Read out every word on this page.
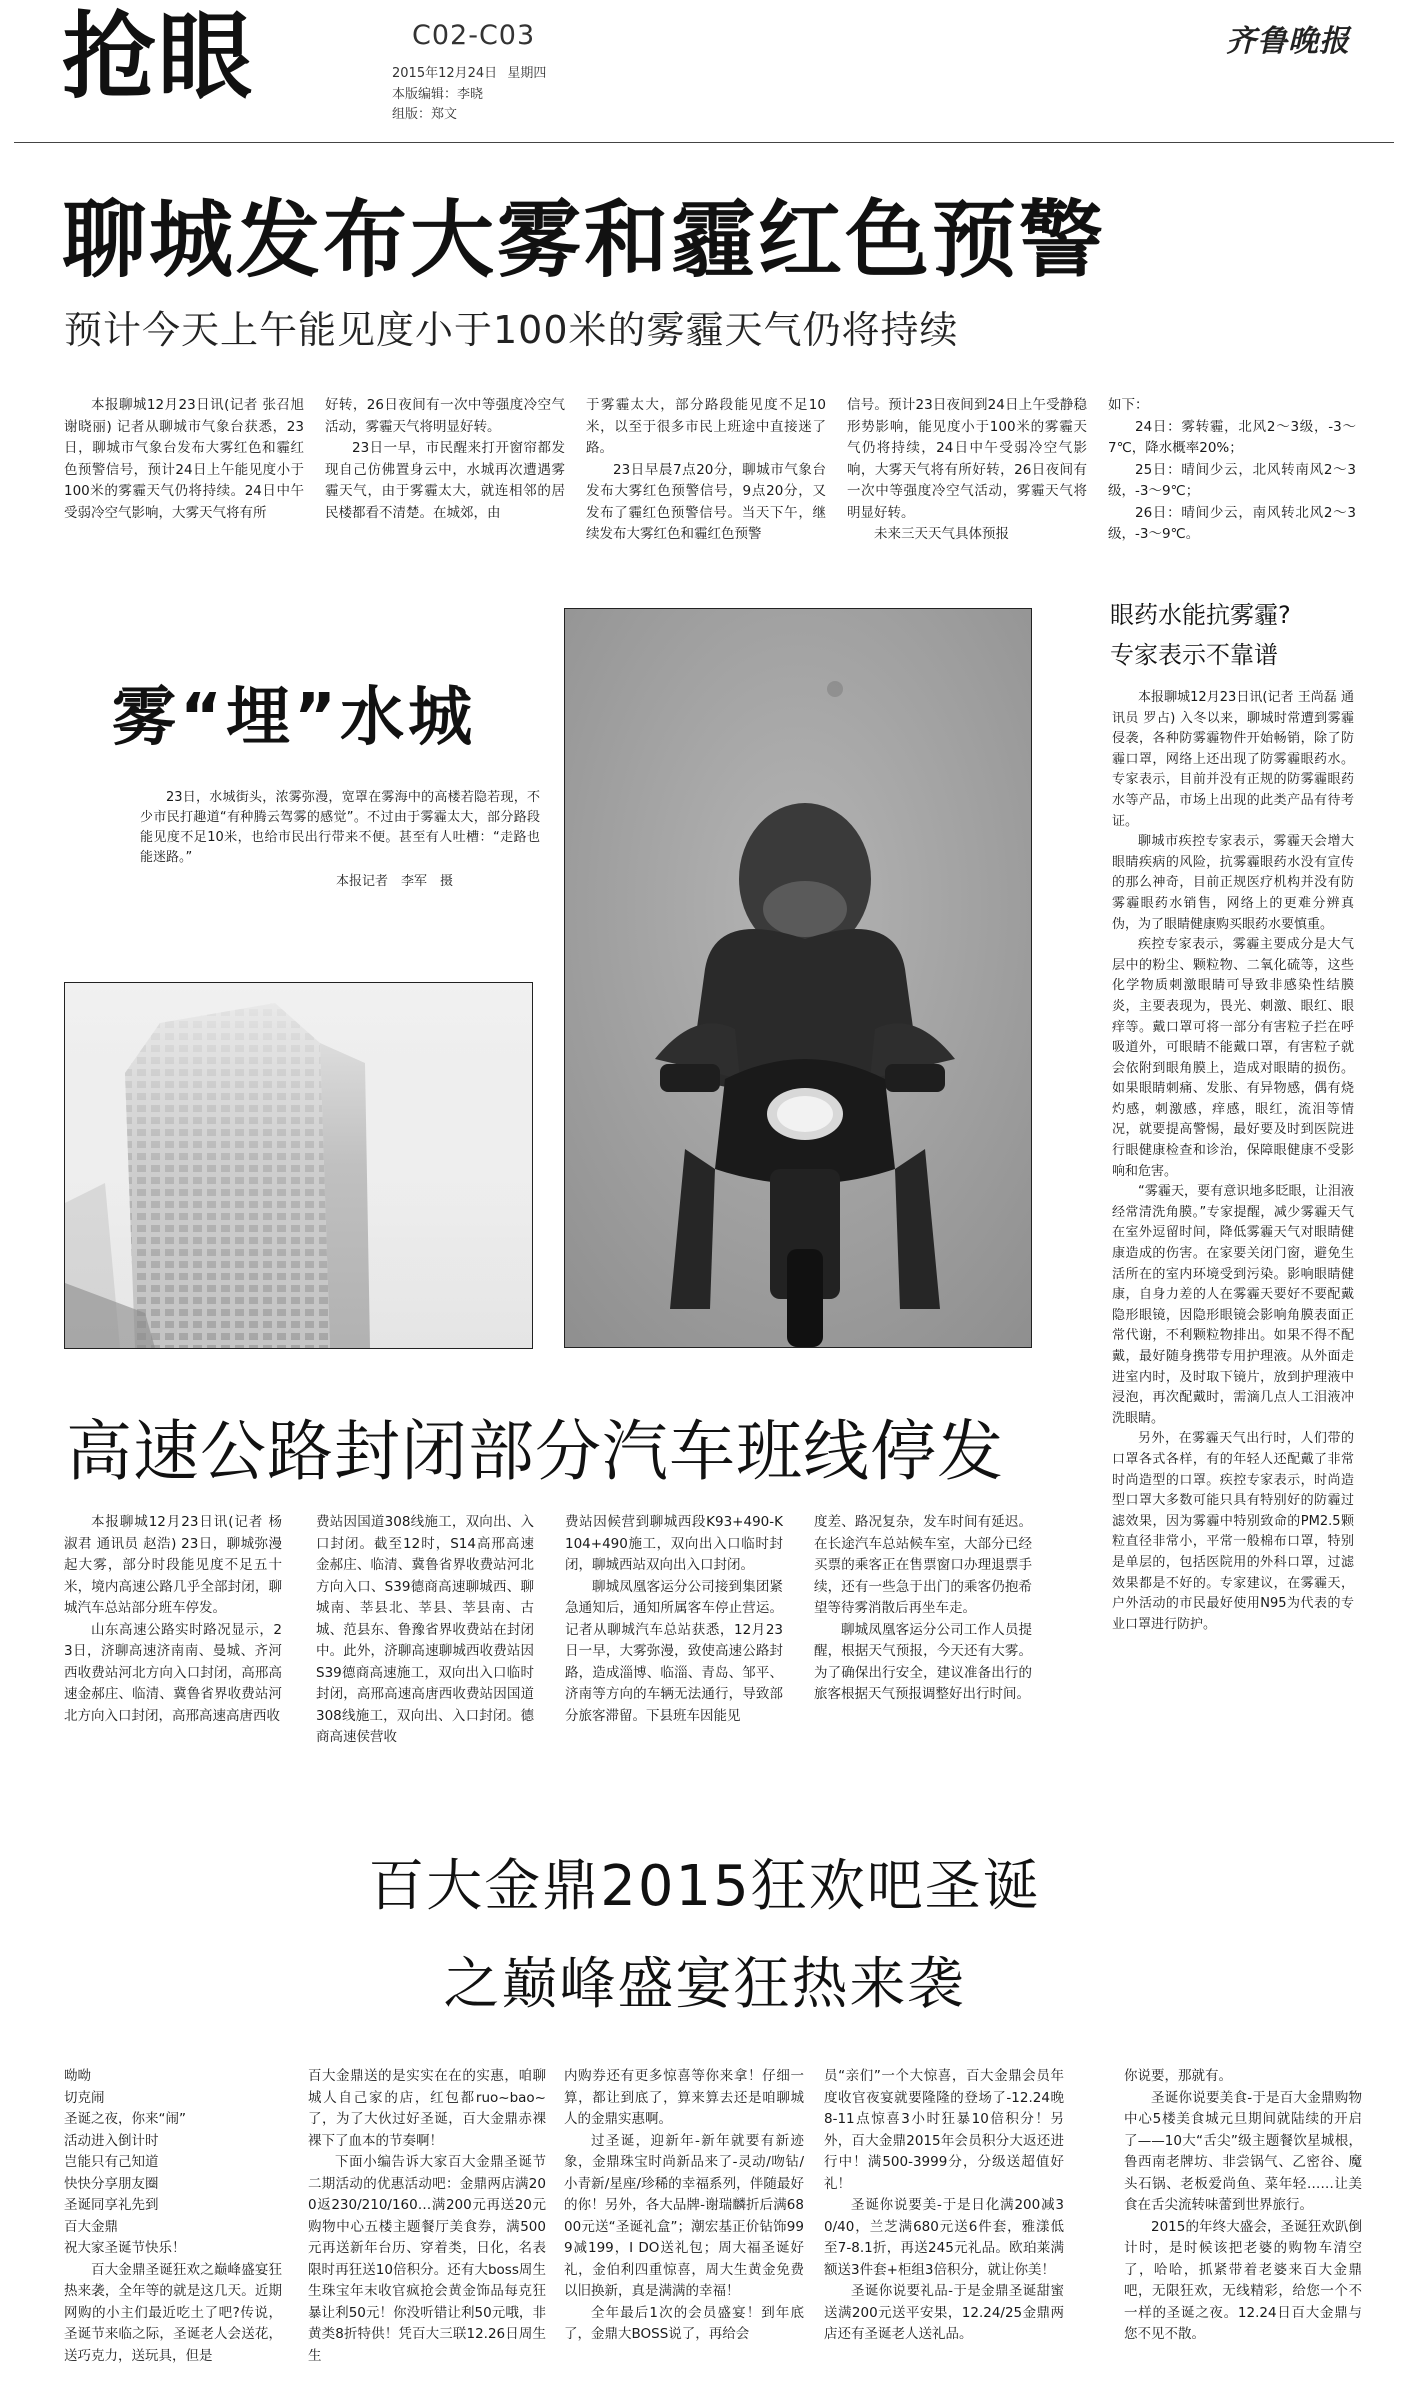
抢眼	C02-C03
2015年12月24日 星期四
本版编辑：李晓
组版：郑文
齐鲁晚报
聊城发布大雾和霾红色预警
预计今天上午能见度小于100米的雾霾天气仍将持续

本报聊城12月23日讯(记者 张召旭 谢晓丽) 记者从聊城市气象台获悉，23日，聊城市气象台发布大雾红色和霾红色预警信号，预计24日上午能见度小于100米的雾霾天气仍将持续。24日中午受弱冷空气影响，大雾天气将有所

好转，26日夜间有一次中等强度冷空气活动，雾霾天气将明显好转。

23日一早，市民醒来打开窗帘都发现自己仿佛置身云中，水城再次遭遇雾霾天气，由于雾霾太大，就连相邻的居民楼都看不清楚。在城郊，由

于雾霾太大，部分路段能见度不足10米，以至于很多市民上班途中直接迷了路。

23日早晨7点20分，聊城市气象台发布大雾红色预警信号，9点20分，又发布了霾红色预警信号。当天下午，继续发布大雾红色和霾红色预警

信号。预计23日夜间到24日上午受静稳形势影响，能见度小于100米的雾霾天气仍将持续，24日中午受弱冷空气影响，大雾天气将有所好转，26日夜间有一次中等强度冷空气活动，雾霾天气将明显好转。

未来三天天气具体预报

如下：

24日：雾转霾，北风2～3级，-3～7℃，降水概率20%；

25日：晴间少云，北风转南风2～3级，-3～9℃；

26日：晴间少云，南风转北风2～3级，-3～9℃。

雾“埋”水城

23日，水城街头，浓雾弥漫，宽罩在雾海中的高楼若隐若现，不少市民打趣道“有种腾云驾雾的感觉”。不过由于雾霾太大，部分路段能见度不足10米，也给市民出行带来不便。甚至有人吐槽：“走路也能迷路。”

本报记者　李军　摄
眼药水能抗雾霾?
专家表示不靠谱

本报聊城12月23日讯(记者 王尚磊 通讯员 罗占) 入冬以来，聊城时常遭到雾霾侵袭，各种防雾霾物件开始畅销，除了防霾口罩，网络上还出现了防雾霾眼药水。专家表示，目前并没有正规的防雾霾眼药水等产品，市场上出现的此类产品有待考证。

聊城市疾控专家表示，雾霾天会增大眼睛疾病的风险，抗雾霾眼药水没有宣传的那么神奇，目前正规医疗机构并没有防雾霾眼药水销售，网络上的更难分辨真伪，为了眼睛健康购买眼药水要慎重。

疾控专家表示，雾霾主要成分是大气层中的粉尘、颗粒物、二氧化硫等，这些化学物质刺激眼睛可导致非感染性结膜炎，主要表现为，畏光、刺激、眼红、眼痒等。戴口罩可将一部分有害粒子拦在呼吸道外，可眼睛不能戴口罩，有害粒子就会依附到眼角膜上，造成对眼睛的损伤。如果眼睛刺痛、发胀、有异物感，偶有烧灼感，刺激感，痒感，眼红，流泪等情况，就要提高警惕，最好要及时到医院进行眼健康检查和诊治，保障眼健康不受影响和危害。

“雾霾天，要有意识地多眨眼，让泪液经常清洗角膜。”专家提醒，减少雾霾天气在室外逗留时间，降低雾霾天气对眼睛健康造成的伤害。在家要关闭门窗，避免生活所在的室内环境受到污染。影响眼睛健康，自身力差的人在雾霾天要好不要配戴隐形眼镜，因隐形眼镜会影响角膜表面正常代谢，不利颗粒物排出。如果不得不配戴，最好随身携带专用护理液。从外面走进室内时，及时取下镜片，放到护理液中浸泡，再次配戴时，需滴几点人工泪液冲洗眼睛。

另外，在雾霾天气出行时，人们带的口罩各式各样，有的年轻人还配戴了非常时尚造型的口罩。疾控专家表示，时尚造型口罩大多数可能只具有特别好的防霾过滤效果，因为雾霾中特别致命的PM2.5颗粒直径非常小，平常一般棉布口罩，特别是单层的，包括医院用的外科口罩，过滤效果都是不好的。专家建议，在雾霾天，户外活动的市民最好使用N95为代表的专业口罩进行防护。

高速公路封闭部分汽车班线停发

本报聊城12月23日讯(记者 杨淑君 通讯员 赵浩) 23日，聊城弥漫起大雾，部分时段能见度不足五十米，境内高速公路几乎全部封闭，聊城汽车总站部分班车停发。

山东高速公路实时路况显示，23日，济聊高速济南南、曼城、齐河西收费站河北方向入口封闭，高邢高速金郝庄、临清、冀鲁省界收费站河北方向入口封闭，高邢高速高唐西收

费站因国道308线施工，双向出、入口封闭。截至12时，S14高邢高速金郝庄、临清、冀鲁省界收费站河北方向入口、S39德商高速聊城西、聊城南、莘县北、莘县、莘县南、古城、范县东、鲁豫省界收费站在封闭中。此外，济聊高速聊城西收费站因S39德商高速施工，双向出入口临时封闭，高邢高速高唐西收费站因国道308线施工，双向出、入口封闭。德商高速侯营收

费站因候营到聊城西段K93+490-K104+490施工，双向出入口临时封闭，聊城西站双向出入口封闭。

聊城凤凰客运分公司接到集团紧急通知后，通知所属客车停止营运。记者从聊城汽车总站获悉，12月23日一早，大雾弥漫，致使高速公路封路，造成淄博、临淄、青岛、邹平、济南等方向的车辆无法通行，导致部分旅客滞留。下县班车因能见

度差、路况复杂，发车时间有延迟。在长途汽车总站候车室，大部分已经买票的乘客正在售票窗口办理退票手续，还有一些急于出门的乘客仍抱希望等待雾消散后再坐车走。

聊城凤凰客运分公司工作人员提醒，根据天气预报，今天还有大雾。为了确保出行安全，建议准备出行的旅客根据天气预报调整好出行时间。

百大金鼎2015狂欢吧圣诞
之巅峰盛宴狂热来袭

呦呦

切克闹

圣诞之夜，你来“闹”

活动进入倒计时

岂能只有己知道

快快分享朋友圈

圣诞同享礼先到

百大金鼎

祝大家圣诞节快乐！

百大金鼎圣诞狂欢之巅峰盛宴狂热来袭，全年等的就是这几天。近期网购的小主们最近吃土了吧?传说，圣诞节来临之际，圣诞老人会送花，送巧克力，送玩具，但是

百大金鼎送的是实实在在的实惠，咱聊城人自己家的店，红包都ruo~bao~了，为了大伙过好圣诞，百大金鼎赤裸裸下了血本的节奏啊！

下面小编告诉大家百大金鼎圣诞节二期活动的优惠活动吧：金鼎两店满200返230/210/160…满200元再送20元购物中心五楼主题餐厅美食券，满500元再送新年台历、穿着类，日化，名表限时再狂送10倍积分。还有大boss周生生珠宝年末收官疯抢会黄金饰品每克狂暴让利50元！你没听错让利50元哦，非黄类8折特供！凭百大三联12.26日周生生

内购券还有更多惊喜等你来拿！仔细一算，都让到底了，算来算去还是咱聊城人的金鼎实惠啊。

过圣诞，迎新年-新年就要有新迹象，金鼎珠宝时尚新品来了-灵动/吻钻/小青新/星座/珍稀的幸福系列，伴随最好的你！另外，各大品牌-谢瑞麟折后满6800元送“圣诞礼盒”；潮宏基正价钻饰999减199，I DO送礼包；周大福圣诞好礼，金伯利四重惊喜，周大生黄金免费以旧换新，真是满满的幸福！

全年最后1次的会员盛宴！到年底了，金鼎大BOSS说了，再给会

员“亲们”一个大惊喜，百大金鼎会员年度收官夜宴就要隆隆的登场了-12.24晚8-11点惊喜3小时狂暴10倍积分！另外，百大金鼎2015年会员积分大返还进行中！满500-3999分，分级送超值好礼！

圣诞你说要美-于是日化满200减30/40，兰芝满680元送6件套，雅漾低至7-8.1折，再送245元礼品。欧珀莱满额送3件套+柜组3倍积分，就让你美！

圣诞你说要礼品-于是金鼎圣诞甜蜜送满200元送平安果，12.24/25金鼎两店还有圣诞老人送礼品。

你说要，那就有。

圣诞你说要美食-于是百大金鼎购物中心5楼美食城元旦期间就陆续的开启了——10大“舌尖”级主题餐饮星城根，鲁西南老牌坊、非尝锅气、乙密谷、魔头石锅、老板爱尚鱼、菜年轻……让美食在舌尖流转味蕾到世界旅行。

2015的年终大盛会，圣诞狂欢趴倒计时，是时候该把老婆的购物车清空了，哈哈，抓紧带着老婆来百大金鼎吧，无限狂欢，无线精彩，给您一个不一样的圣诞之夜。12.24日百大金鼎与您不见不散。
